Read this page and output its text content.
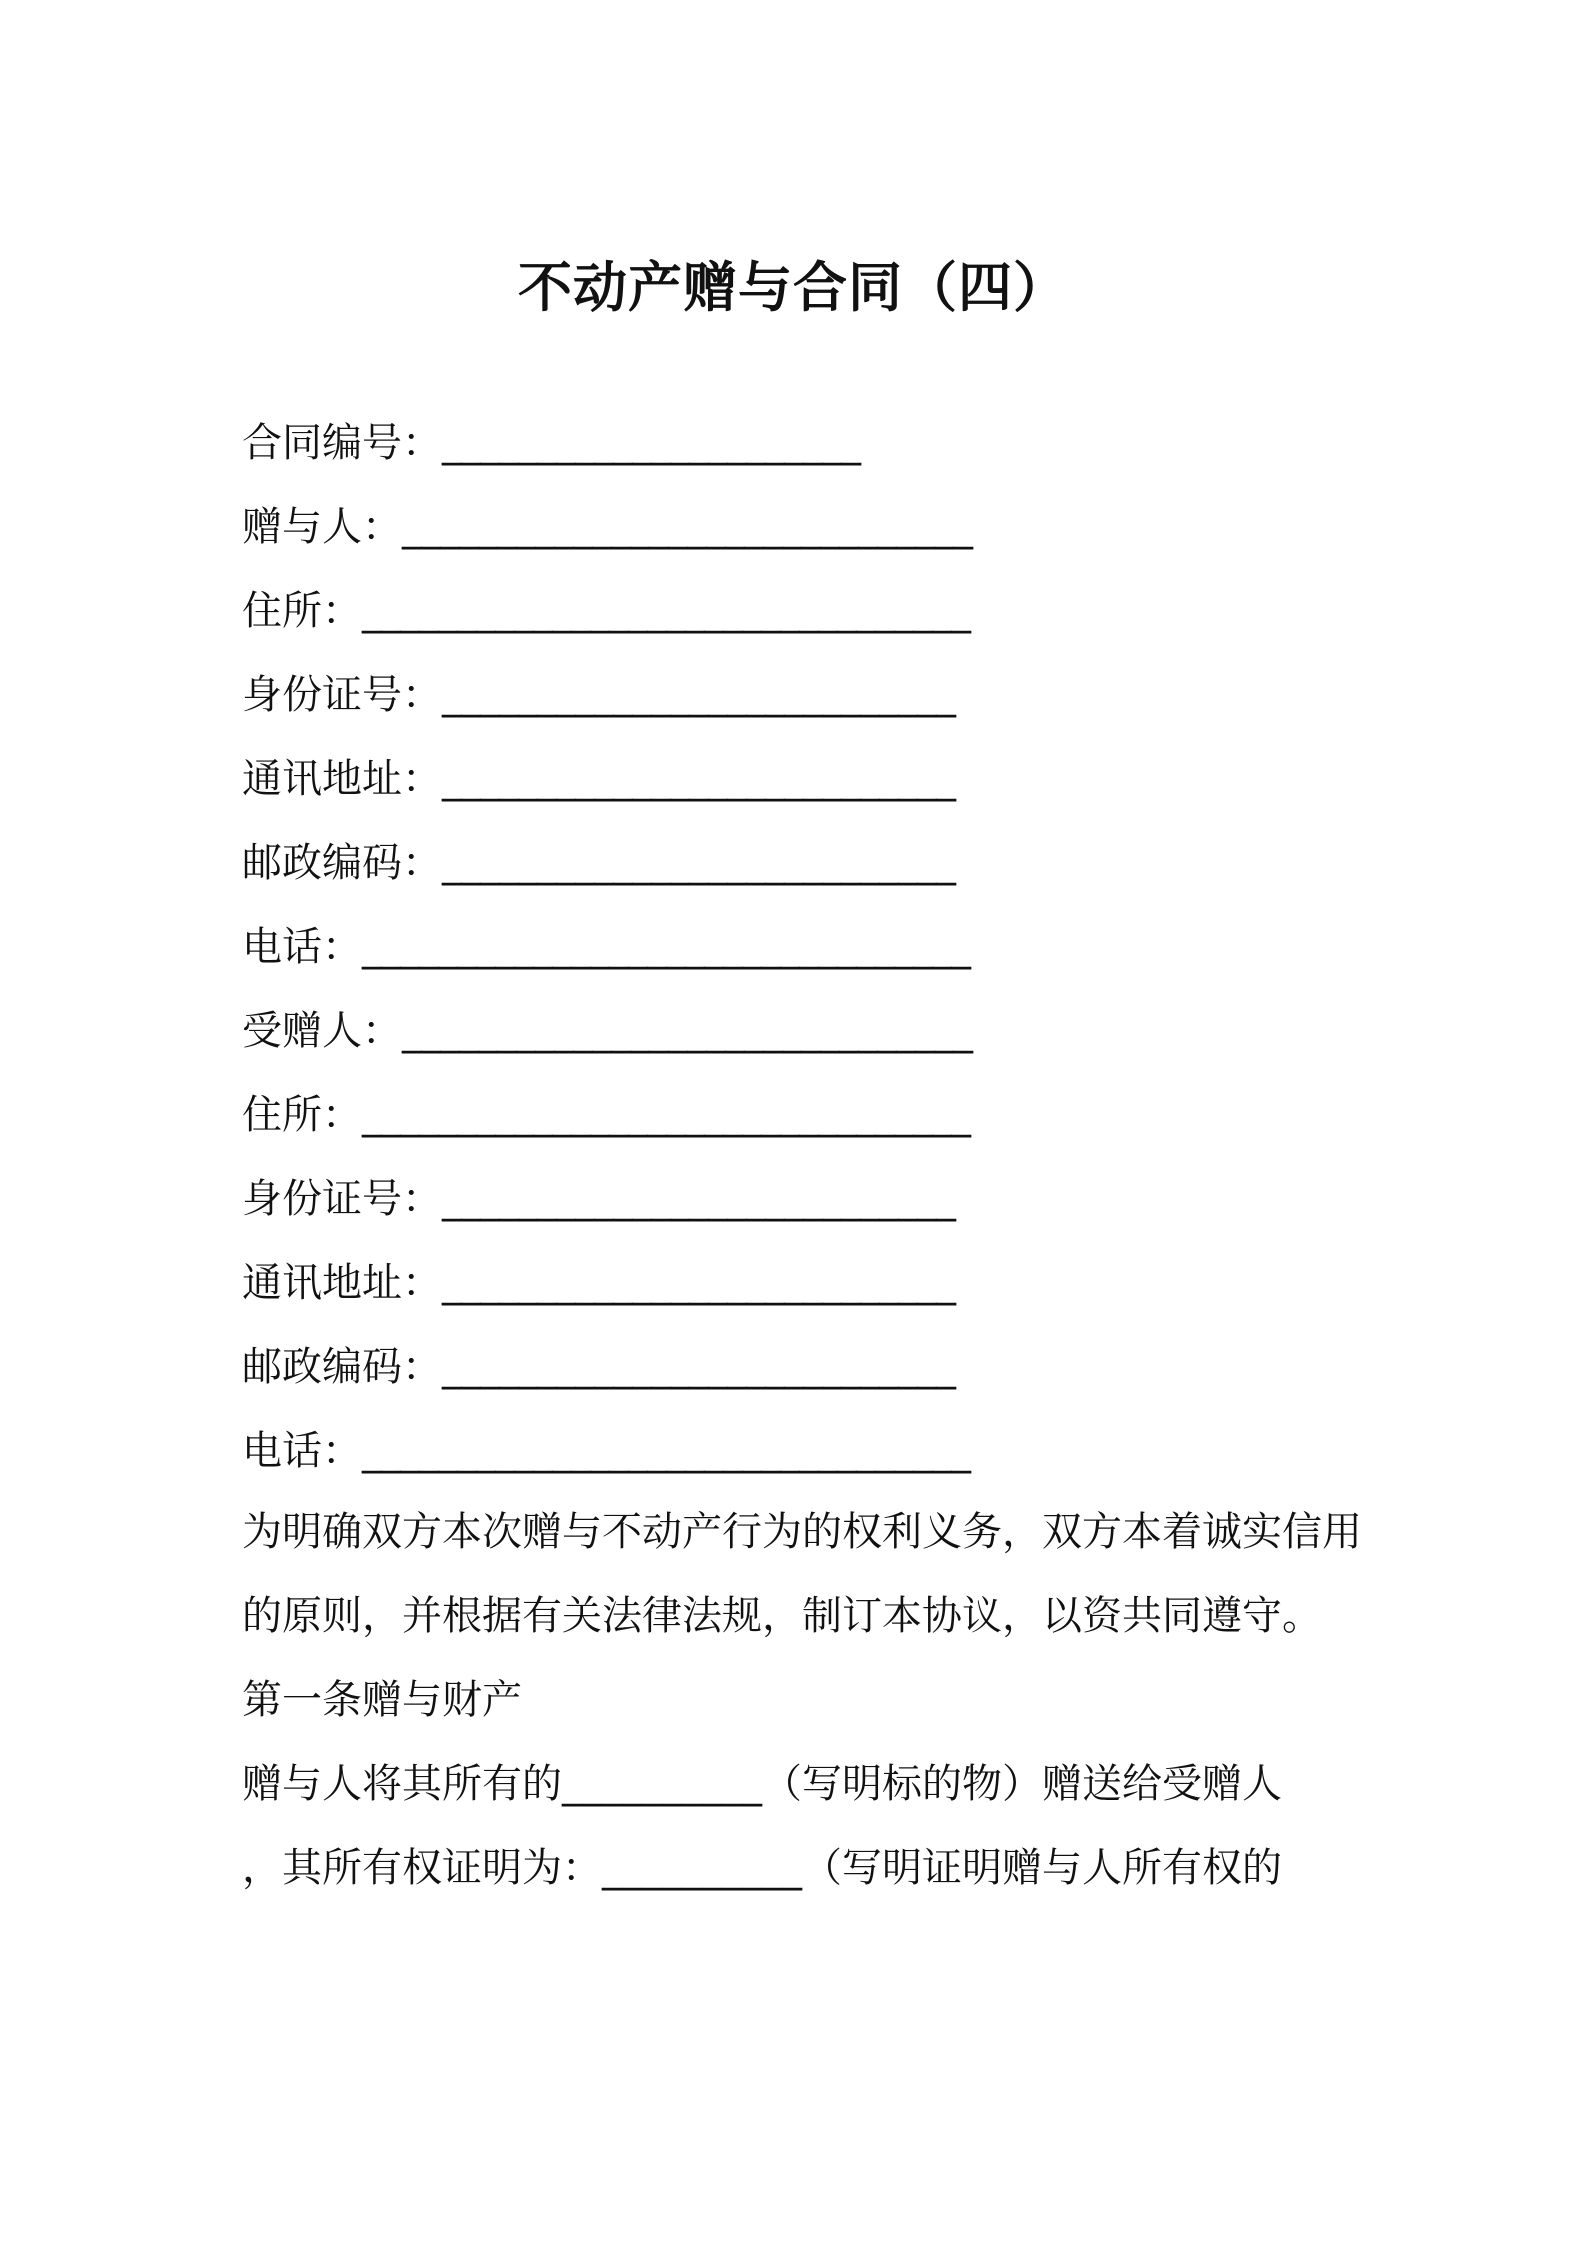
不动产赠与合同（四）
合同编号：______________________
赠与人：______________________________
住所：________________________________
身份证号：___________________________
通讯地址：___________________________
邮政编码：___________________________
电话：________________________________
受赠人：______________________________
住所：________________________________
身份证号：___________________________
通讯地址：___________________________
邮政编码：___________________________
电话：________________________________

为明确双方本次赠与不动产行为的权利义务，双方本着诚实信用的原则，并根据有关法律法规，制订本协议，以资共同遵守。

第一条赠与财产

赠与人将其所有的__________（写明标的物）赠送给受赠人

，其所有权证明为：__________（写明证明赠与人所有权的
